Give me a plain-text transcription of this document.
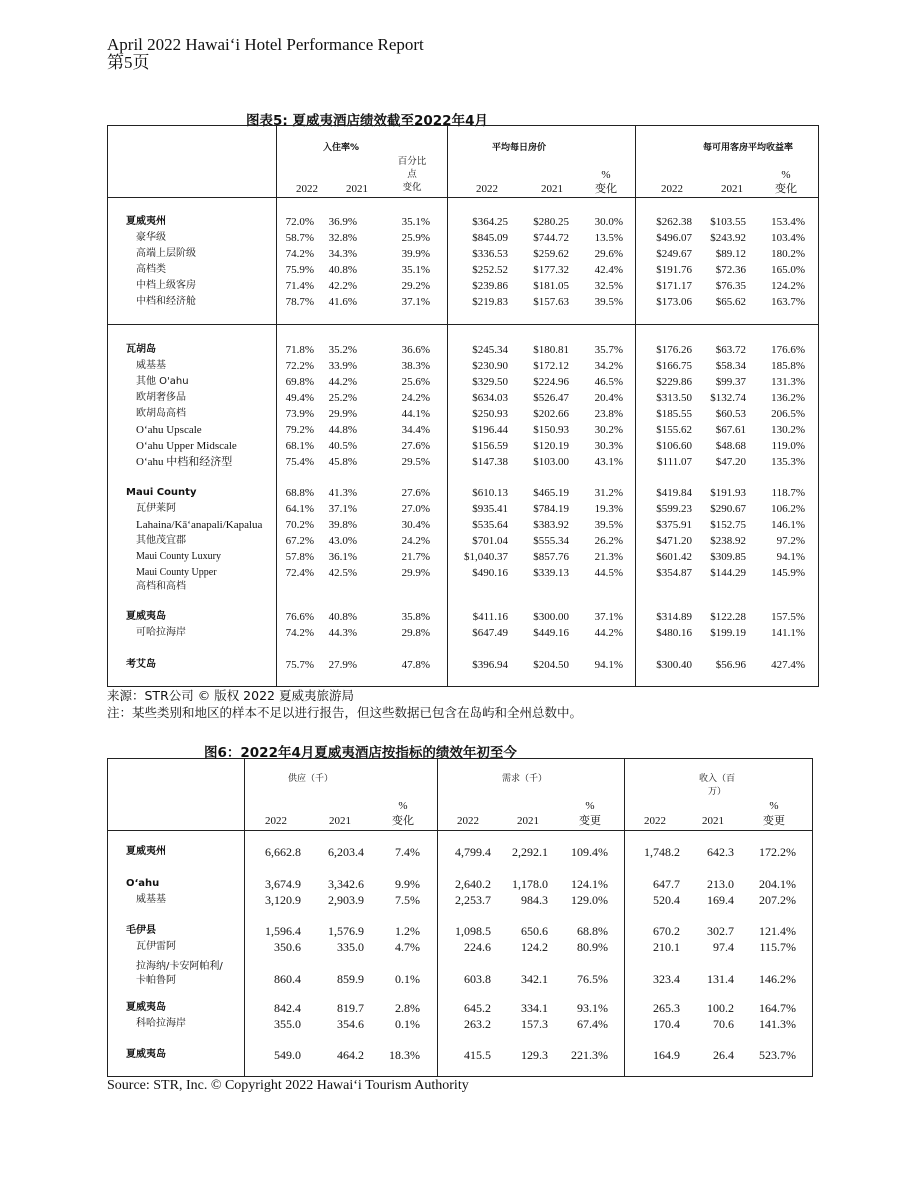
April 2022 Hawai‘i Hotel Performance Report
第5页
图表5: 夏威夷酒店绩效截至2022年4月
入住率%	平均每日房价	每可用客房平均收益率
百分比
点
变化
%	%
变化	变化
2022	2021	2022	2021	2022	2021
夏威夷州	72.0%	36.9%	35.1%	$364.25	$280.25	30.0%	$262.38	$103.55	153.4%
豪华级	58.7%	32.8%	25.9%	$845.09	$744.72	13.5%	$496.07	$243.92	103.4%
高端上层阶级	74.2%	34.3%	39.9%	$336.53	$259.62	29.6%	$249.67	$89.12	180.2%
高档类	75.9%	40.8%	35.1%	$252.52	$177.32	42.4%	$191.76	$72.36	165.0%
中档上级客房	71.4%	42.2%	29.2%	$239.86	$181.05	32.5%	$171.17	$76.35	124.2%
中档和经济舱	78.7%	41.6%	37.1%	$219.83	$157.63	39.5%	$173.06	$65.62	163.7%
瓦胡岛	71.8%	35.2%	36.6%	$245.34	$180.81	35.7%	$176.26	$63.72	176.6%
威基基	72.2%	33.9%	38.3%	$230.90	$172.12	34.2%	$166.75	$58.34	185.8%
其他 O'ahu	69.8%	44.2%	25.6%	$329.50	$224.96	46.5%	$229.86	$99.37	131.3%
欧胡奢侈品	49.4%	25.2%	24.2%	$634.03	$526.47	20.4%	$313.50	$132.74	136.2%
欧胡岛高档	73.9%	29.9%	44.1%	$250.93	$202.66	23.8%	$185.55	$60.53	206.5%
O‘ahu Upscale	79.2%	44.8%	34.4%	$196.44	$150.93	30.2%	$155.62	$67.61	130.2%
O‘ahu Upper Midscale	68.1%	40.5%	27.6%	$156.59	$120.19	30.3%	$106.60	$48.68	119.0%
O‘ahu 中档和经济型	75.4%	45.8%	29.5%	$147.38	$103.00	43.1%	$111.07	$47.20	135.3%
Maui County	68.8%	41.3%	27.6%	$610.13	$465.19	31.2%	$419.84	$191.93	118.7%
瓦伊莱阿	64.1%	37.1%	27.0%	$935.41	$784.19	19.3%	$599.23	$290.67	106.2%
Lahaina/Kā‘anapali/Kapalua	70.2%	39.8%	30.4%	$535.64	$383.92	39.5%	$375.91	$152.75	146.1%
其他茂宜郡	67.2%	43.0%	24.2%	$701.04	$555.34	26.2%	$471.20	$238.92	97.2%
Maui County Luxury	57.8%	36.1%	21.7%	$1,040.37	$857.76	21.3%	$601.42	$309.85	94.1%
Maui County Upper
高档和高档
72.4%	42.5%	29.9%	$490.16	$339.13	44.5%	$354.87	$144.29	145.9%
夏威夷岛	76.6%	40.8%	35.8%	$411.16	$300.00	37.1%	$314.89	$122.28	157.5%
可哈拉海岸	74.2%	44.3%	29.8%	$647.49	$449.16	44.2%	$480.16	$199.19	141.1%
考艾岛	75.7%	27.9%	47.8%	$396.94	$204.50	94.1%	$300.40	$56.96	427.4%
来源：STR公司 © 版权 2022 夏威夷旅游局
注：某些类别和地区的样本不足以进行报告，但这些数据已包含在岛屿和全州总数中。
图6：2022年4月夏威夷酒店按指标的绩效年初至今
供应（千）	需求（千）	收入（百万）
%
变化
%
变更
%
变更
2022	2021	2022	2021	2022	2021
夏威夷州	6,662.8	6,203.4	7.4%	4,799.4	2,292.1	109.4%	1,748.2	642.3	172.2%
O‘ahu	3,674.9	3,342.6	9.9%	2,640.2	1,178.0	124.1%	647.7	213.0	204.1%
威基基	3,120.9	2,903.9	7.5%	2,253.7	984.3	129.0%	520.4	169.4	207.2%
毛伊县	1,596.4	1,576.9	1.2%	1,098.5	650.6	68.8%	670.2	302.7	121.4%
瓦伊雷阿	350.6	335.0	4.7%	224.6	124.2	80.9%	210.1	97.4	115.7%
拉海纳/卡安阿帕利/
卡帕鲁阿	860.4	859.9	0.1%	603.8	342.1	76.5%	323.4	131.4	146.2%
夏威夷岛	842.4	819.7	2.8%	645.2	334.1	93.1%	265.3	100.2	164.7%
科哈拉海岸	355.0	354.6	0.1%	263.2	157.3	67.4%	170.4	70.6	141.3%
夏威夷岛	549.0	464.2	18.3%	415.5	129.3	221.3%	164.9	26.4	523.7%
Source: STR, Inc. © Copyright 2022 Hawai‘i Tourism Authority
